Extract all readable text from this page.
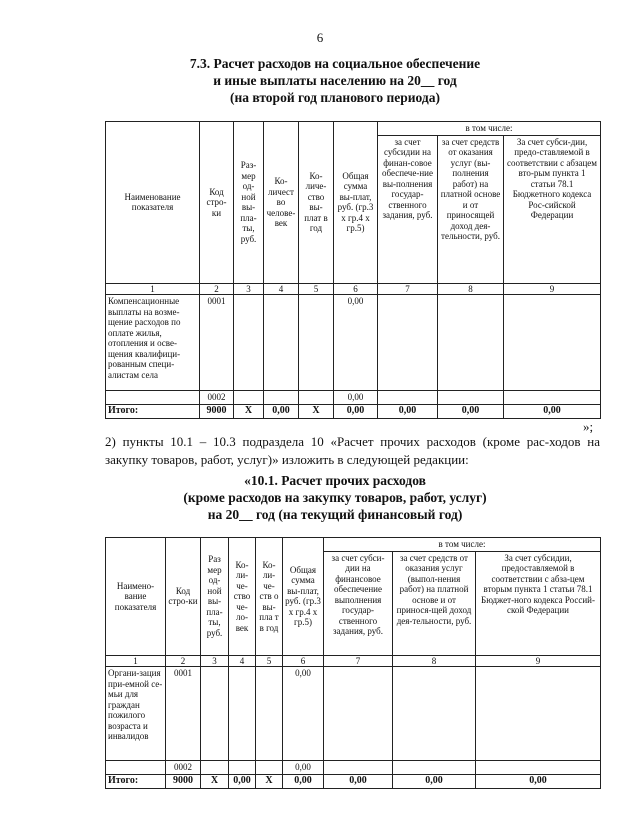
6
7.3. Расчет расходов на социальное обеспечение
и иные выплаты населению на 20__ год
(на второй год планового периода)
Наименование показателя	Код стро-ки	Раз-мер од-ной вы-пла-ты, руб.	Ко-личество челове-век	Ко-личе-ство вы-плат в год	Общая сумма вы-плат, руб. (гр.3 х гр.4 х гр.5)	в том числе:		
						за счет субсидии на финан-совое обеспече-ние вы-полнения государ-ственного задания, руб.	за счет средств от оказания услуг (вы-полнения работ) на платной основе и от приносящей доход дея-тельности, руб.	За счет субси-дии, предо-ставляемой в соответствии с абзацем вто-рым пункта 1 статьи 78.1 Бюджетного кодекса Рос-сийской Федерации
1	2	3	4	5	6	7	8	9
Компенсационные выплаты на возме-щение расходов по оплате жилья, отопления и осве-щения квалифици-рованным специ-алистам села	0001				0,00			
	0002				0,00			
Итого:	9000	X	0,00	X	0,00	0,00	0,00	0,00
»;
2) пункты 10.1 – 10.3 подраздела 10 «Расчет прочих расходов (кроме рас-ходов на закупку товаров, работ, услуг)» изложить в следующей редакции:
«10.1. Расчет прочих расходов
(кроме расходов на закупку товаров, работ, услуг)
на 20__ год (на текущий финансовый год)
Наимено-вание показателя	Код стро-ки	Раз мер од-ной вы-пла-ты, руб.	Ко-ли-че-ство че-ло-век	Ко-ли-че-ств о вы-пла т в год	Общая сумма вы-плат, руб. (гр.3 х гр.4 х гр.5)	в том числе:		
						за счет субси-дии на финансовое обеспечение выполнения государ-ственного задания, руб.	за счет средств от оказания услуг (выпол-нения работ) на платной основе и от принося-щей доход дея-тельности, руб.	За счет субсидии, предоставляемой в соответствии с абза-цем вторым пункта 1 статьи 78.1 Бюджет-ного кодекса Россий-ской Федерации
1	2	3	4	5	6	7	8	9
Органи-зация при-емной се-мьи для граждан пожилого возраста и инвалидов	0001				0,00			
	0002				0,00			
Итого:	9000	X	0,00	X	0,00	0,00	0,00	0,00
